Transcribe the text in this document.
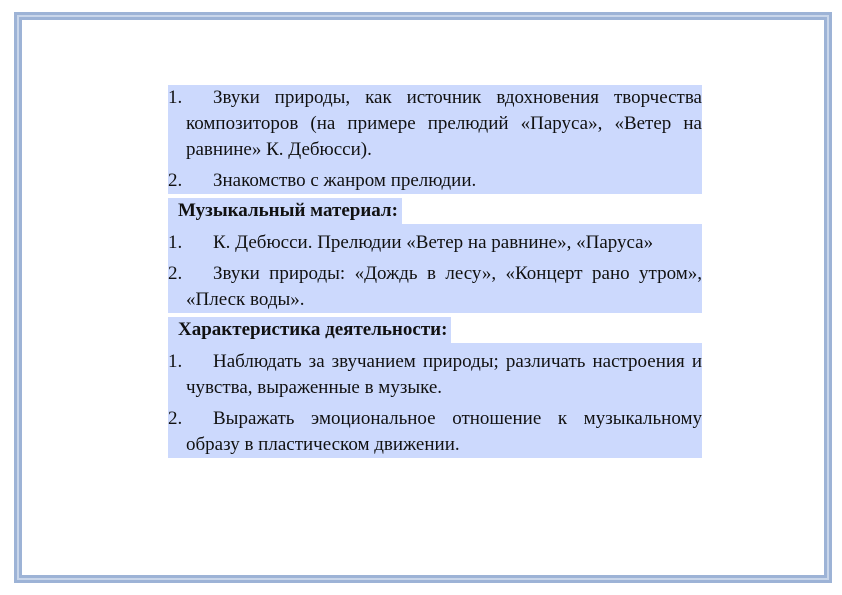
1.	Звуки природы, как источник вдохновения творчества композиторов (на примере прелюдий «Паруса», «Ветер на равнине» К. Дебюсси).
2.	Знакомство с жанром прелюдии.
Музыкальный материал:
1.	К. Дебюсси. Прелюдии «Ветер на равнине», «Паруса»
2.	Звуки природы: «Дождь в лесу», «Концерт рано утром», «Плеск воды».
Характеристика деятельности:
1.	Наблюдать за звучанием природы; различать настроения и чувства, выраженные в музыке.
2.	Выражать эмоциональное отношение к музыкальному образу в пластическом движении.
